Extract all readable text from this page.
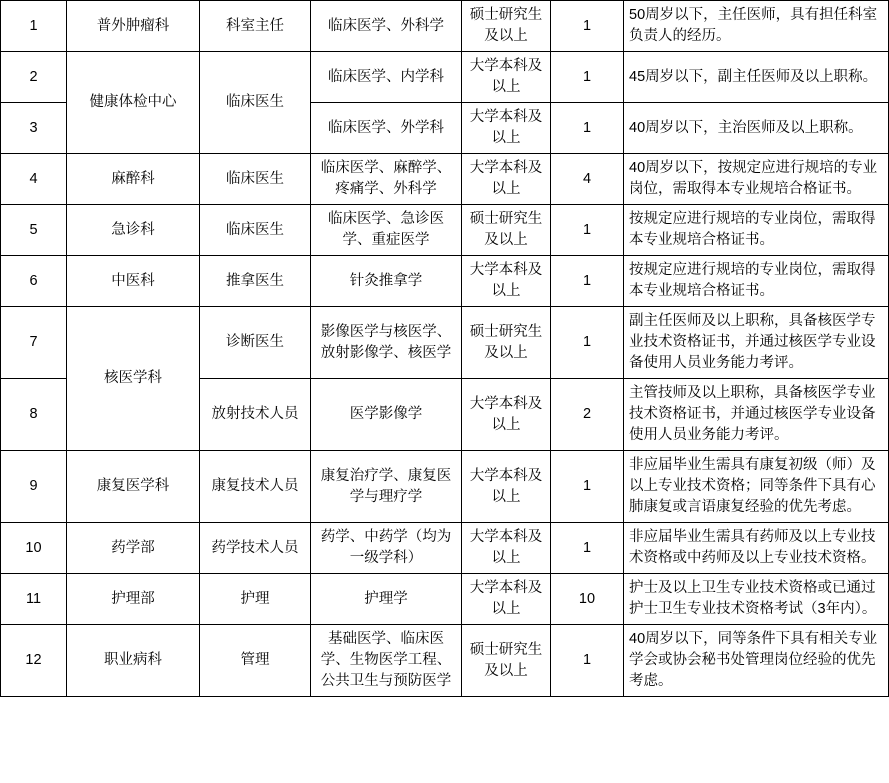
1	普外肿瘤科	科室主任	临床医学、外科学	硕士研究生及以上	1	50周岁以下，主任医师，具有担任科室负责人的经历。
2	健康体检中心	临床医生	临床医学、内学科	大学本科及以上	1	45周岁以下，副主任医师及以上职称。
3			临床医学、外学科	大学本科及以上	1	40周岁以下，主治医师及以上职称。
4	麻醉科	临床医生	临床医学、麻醉学、疼痛学、外科学	大学本科及以上	4	40周岁以下，按规定应进行规培的专业岗位，需取得本专业规培合格证书。
5	急诊科	临床医生	临床医学、急诊医学、重症医学	硕士研究生及以上	1	按规定应进行规培的专业岗位，需取得本专业规培合格证书。
6	中医科	推拿医生	针灸推拿学	大学本科及以上	1	按规定应进行规培的专业岗位，需取得本专业规培合格证书。
7	核医学科	诊断医生	影像医学与核医学、放射影像学、核医学	硕士研究生及以上	1	副主任医师及以上职称，具备核医学专业技术资格证书，并通过核医学专业设备使用人员业务能力考评。
8		放射技术人员	医学影像学	大学本科及以上	2	主管技师及以上职称，具备核医学专业技术资格证书，并通过核医学专业设备使用人员业务能力考评。
9	康复医学科	康复技术人员	康复治疗学、康复医学与理疗学	大学本科及以上	1	非应届毕业生需具有康复初级（师）及以上专业技术资格；同等条件下具有心肺康复或言语康复经验的优先考虑。
10	药学部	药学技术人员	药学、中药学（均为一级学科）	大学本科及以上	1	非应届毕业生需具有药师及以上专业技术资格或中药师及以上专业技术资格。
11	护理部	护理	护理学	大学本科及以上	10	护士及以上卫生专业技术资格或已通过护士卫生专业技术资格考试（3年内）。
12	职业病科	管理	基础医学、临床医学、生物医学工程、公共卫生与预防医学	硕士研究生及以上	1	40周岁以下，同等条件下具有相关专业学会或协会秘书处管理岗位经验的优先考虑。
